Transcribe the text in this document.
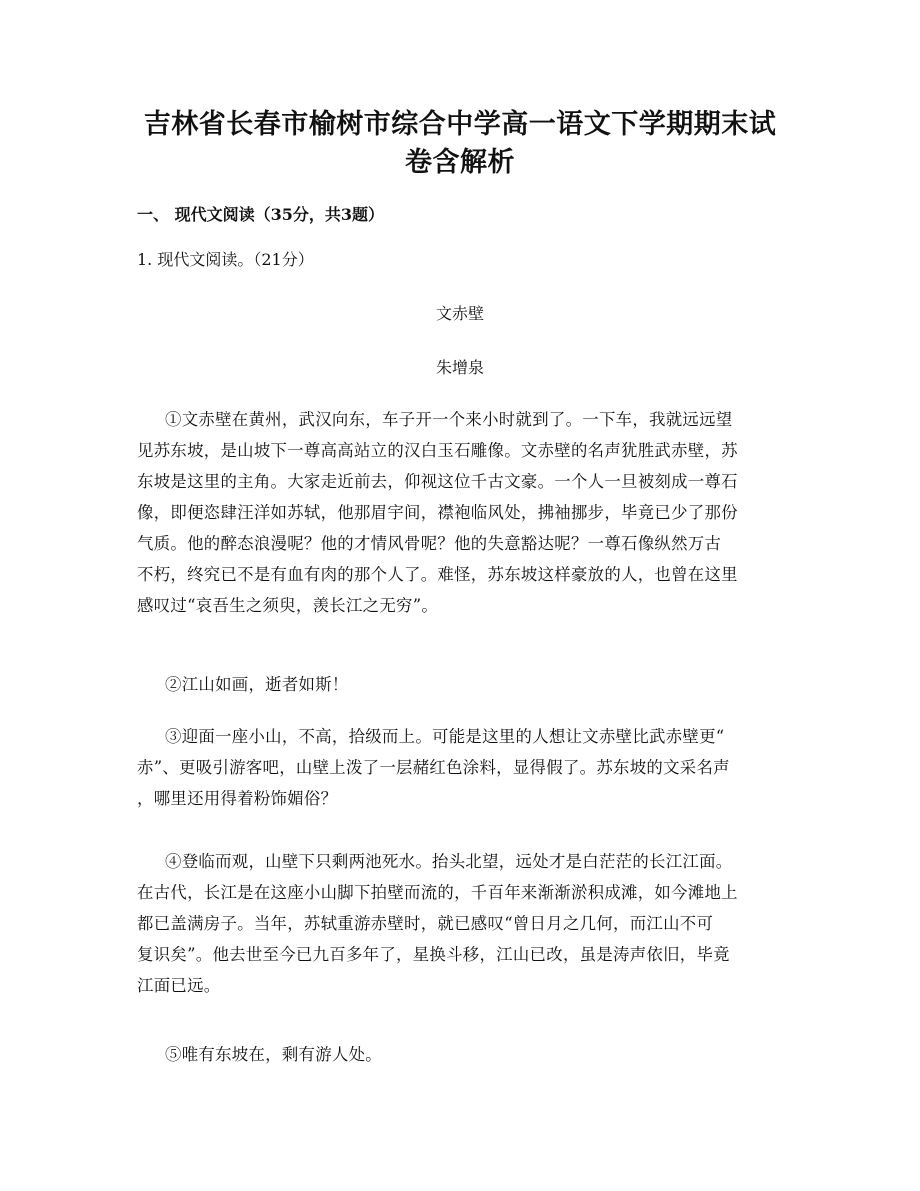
吉林省长春市榆树市综合中学高一语文下学期期末试
卷含解析
一、 现代文阅读（35分，共3题）
1. 现代文阅读。（21分）
文赤壁
朱增泉
①文赤壁在黄州，武汉向东，车子开一个来小时就到了。一下车，我就远远望
见苏东坡，是山坡下一尊高高站立的汉白玉石雕像。文赤壁的名声犹胜武赤壁，苏
东坡是这里的主角。大家走近前去，仰视这位千古文豪。一个人一旦被刻成一尊石
像，即便恣肆汪洋如苏轼，他那眉宇间，襟袍临风处，拂袖挪步，毕竟已少了那份
气质。他的醉态浪漫呢？他的才情风骨呢？他的失意豁达呢？一尊石像纵然万古
不朽，终究已不是有血有肉的那个人了。难怪，苏东坡这样豪放的人，也曾在这里
感叹过“哀吾生之须臾，羡长江之无穷”。
②江山如画，逝者如斯！
③迎面一座小山，不高，拾级而上。可能是这里的人想让文赤壁比武赤壁更“
赤”、更吸引游客吧，山壁上泼了一层赭红色涂料，显得假了。苏东坡的文采名声
，哪里还用得着粉饰媚俗？
④登临而观，山壁下只剩两池死水。抬头北望，远处才是白茫茫的长江江面。
在古代，长江是在这座小山脚下拍壁而流的，千百年来渐渐淤积成滩，如今滩地上
都已盖满房子。当年，苏轼重游赤壁时，就已感叹“曾日月之几何，而江山不可
复识矣”。他去世至今已九百多年了，星换斗移，江山已改，虽是涛声依旧，毕竟
江面已远。
⑤唯有东坡在，剩有游人处。
